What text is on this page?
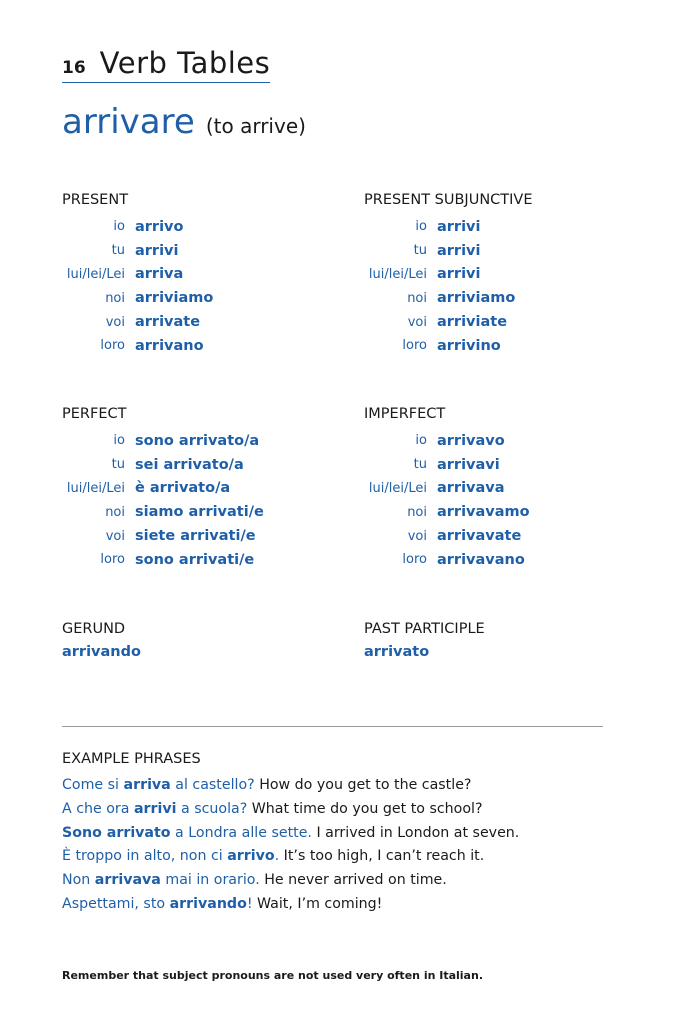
16 Verb Tables
arrivare (to arrive)
PRESENT
io arrivo
tu arrivi
lui/lei/Lei arriva
noi arriviamo
voi arrivate
loro arrivano
PRESENT SUBJUNCTIVE
io arrivi
tu arrivi
lui/lei/Lei arrivi
noi arriviamo
voi arriviate
loro arrivino
PERFECT
io sono arrivato/a
tu sei arrivato/a
lui/lei/Lei è arrivato/a
noi siamo arrivati/e
voi siete arrivati/e
loro sono arrivati/e
IMPERFECT
io arrivavo
tu arrivavi
lui/lei/Lei arrivava
noi arrivavamo
voi arrivavate
loro arrivavano
GERUND
arrivando
PAST PARTICIPLE
arrivato
EXAMPLE PHRASES
Come si arriva al castello? How do you get to the castle?
A che ora arrivi a scuola? What time do you get to school?
Sono arrivato a Londra alle sette. I arrived in London at seven.
È troppo in alto, non ci arrivo. It’s too high, I can’t reach it.
Non arrivava mai in orario. He never arrived on time.
Aspettami, sto arrivando! Wait, I’m coming!
Remember that subject pronouns are not used very often in Italian.
